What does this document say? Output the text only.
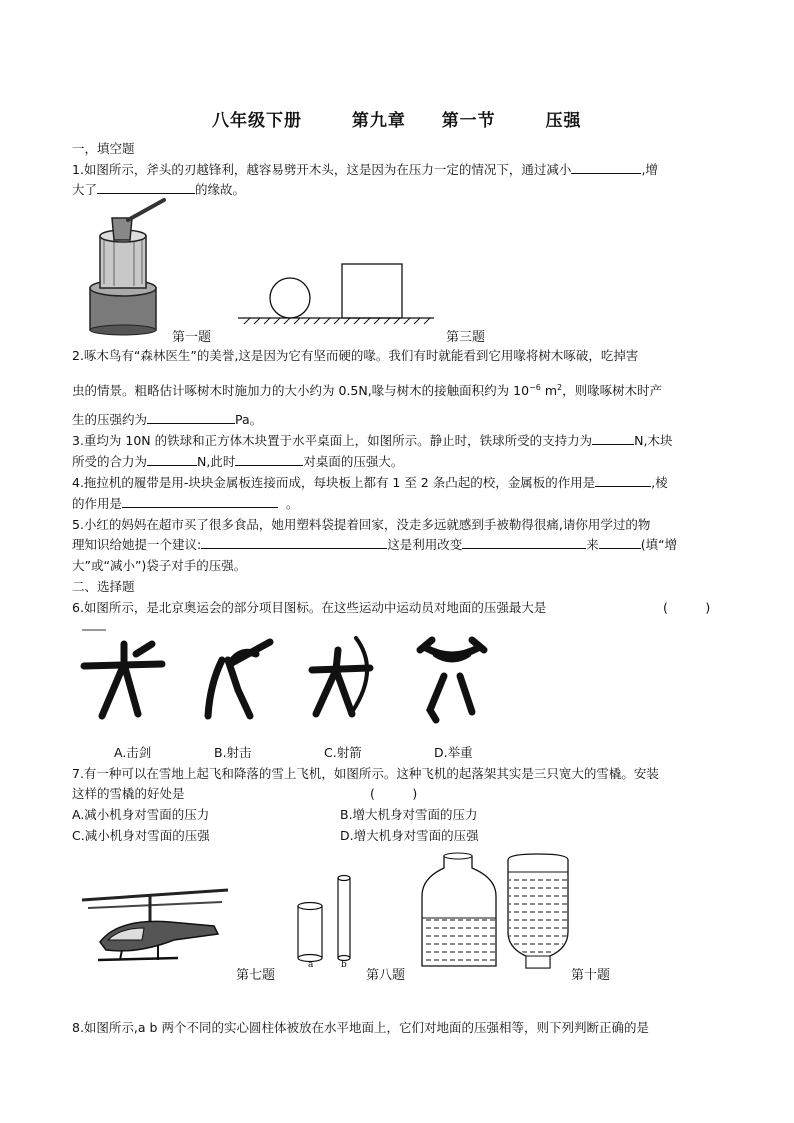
八年级下册	第九章 第一节	压强
一，填空题
1.如图所示，斧头的刃越锋利，越容易劈开木头，这是因为在压力一定的情况下，通过减小	,增
大了	的缘故。
第一题	第三题
2.啄木鸟有“森林医生”的美誉,这是因为它有坚而硬的喙。我们有时就能看到它用喙将树木啄破，吃掉害
虫的情景。粗略估计啄树木时施加力的大小约为 0.5N,喙与树木的接触面积约为 $10^{-6}$ $m^2$，则喙啄树木时产
生的压强约为	Pa。
3.重均为 10N 的铁球和正方体木块置于水平桌面上，如图所示。静止时，铁球所受的支持力为	N,木块
所受的合力为	N,此时	对桌面的压强大。
4.拖拉机的履带是用-块块金属板连接而成，每块板上都有 1 至 2 条凸起的校，金属板的作用是	,棱
的作用是	。
5.小红的妈妈在超市买了很多食品，她用塑料袋提着回家，没走多远就感到手被勒得很痛,请你用学过的物
理知识给她提一个建议:	这是利用改变	来	(填“增
大”或“减小”)袋子对手的压强。
二、选择题
6.如图所示，是北京奥运会的部分项目图标。在这些运动中运动员对地面的压强最大是	(　　　)
A.击剑	B.射击	C.射箭	D.举重
7.有一种可以在雪地上起飞和降落的雪上飞机，如图所示。这种飞机的起落架其实是三只宽大的雪橇。安装
这样的雪橇的好处是	(　　　)
A.减小机身对雪面的压力	B.增大机身对雪面的压力
C.减小机身对雪面的压强	D.增大机身对雪面的压强
第七题
a	b
第八题	第十题
8.如图所示,a b 两个不同的实心圆柱体被放在水平地面上，它们对地面的压强相等，则下列判断正确的是
